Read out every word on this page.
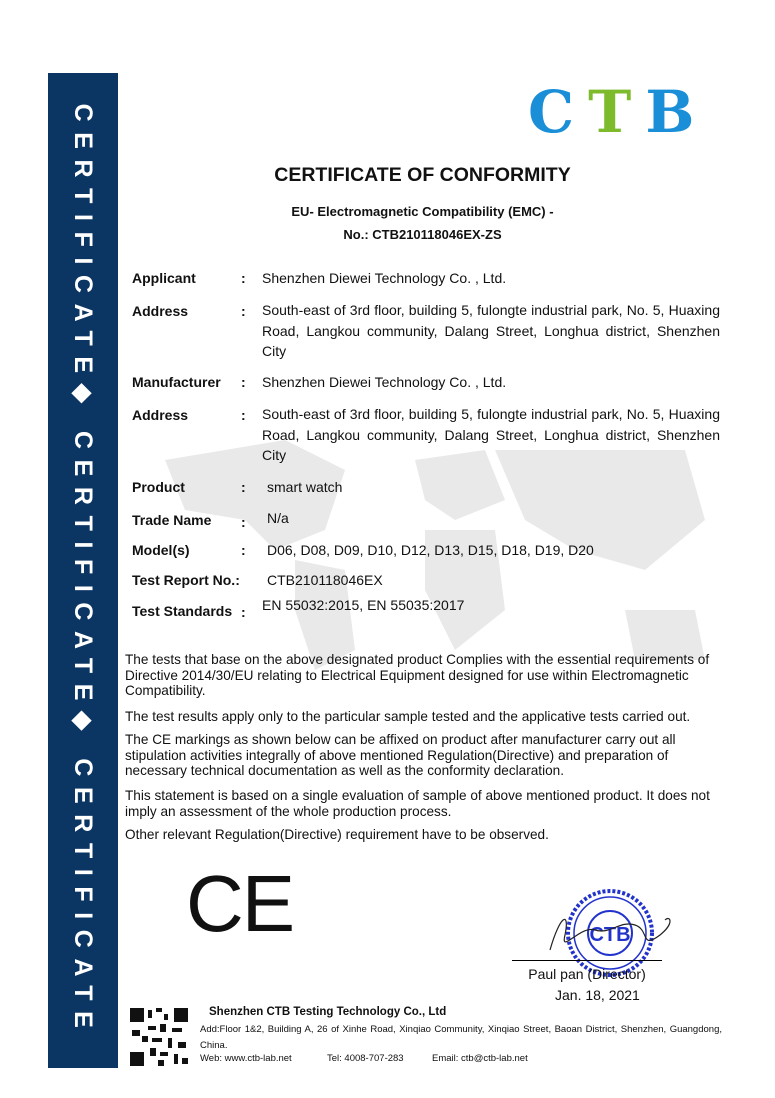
CERTIFICATE◆ CERTIFICATE◆ CERTIFICATE	CTB
CERTIFICATE OF CONFORMITY
EU- Electromagnetic Compatibility (EMC) -
No.: CTB210118046EX-ZS
Applicant	: Shenzhen Diewei Technology Co. , Ltd.
Address	: South-east of 3rd floor, building 5, fulongte industrial park, No. 5, Huaxing Road, Langkou community, Dalang Street, Longhua district, Shenzhen City
Manufacturer : Shenzhen Diewei Technology Co. , Ltd.
Address	: South-east of 3rd floor, building 5, fulongte industrial park, No. 5, Huaxing Road, Langkou community, Dalang Street, Longhua district, Shenzhen City
Product	: smart watch
Trade Name : N/a
Model(s)	: D06, D08, D09, D10, D12, D13, D15, D18, D19, D20
Test Report No.: CTB210118046EX
Test Standards : EN 55032:2015, EN 55035:2017
The tests that base on the above designated product Complies with the essential requirements of Directive 2014/30/EU relating to Electrical Equipment designed for use within Electromagnetic Compatibility.
The test results apply only to the particular sample tested and the applicative tests carried out.
The CE markings as shown below can be affixed on product after manufacturer carry out all stipulation activities integrally of above mentioned Regulation(Directive) and preparation of necessary technical documentation as well as the conformity declaration.
This statement is based on a single evaluation of sample of above mentioned product. It does not imply an assessment of the whole production process.
Other relevant Regulation(Directive) requirement have to be observed.
CE	CTB
Paul pan (Director)
Jan. 18, 2021
Shenzhen CTB Testing Technology Co., Ltd
Add:Floor 1&2, Building A, 26 of Xinhe Road, Xinqiao Community, Xinqiao Street, Baoan District, Shenzhen, Guangdong, China.
Web: www.ctb-lab.net	Tel: 4008-707-283	Email: ctb@ctb-lab.net
